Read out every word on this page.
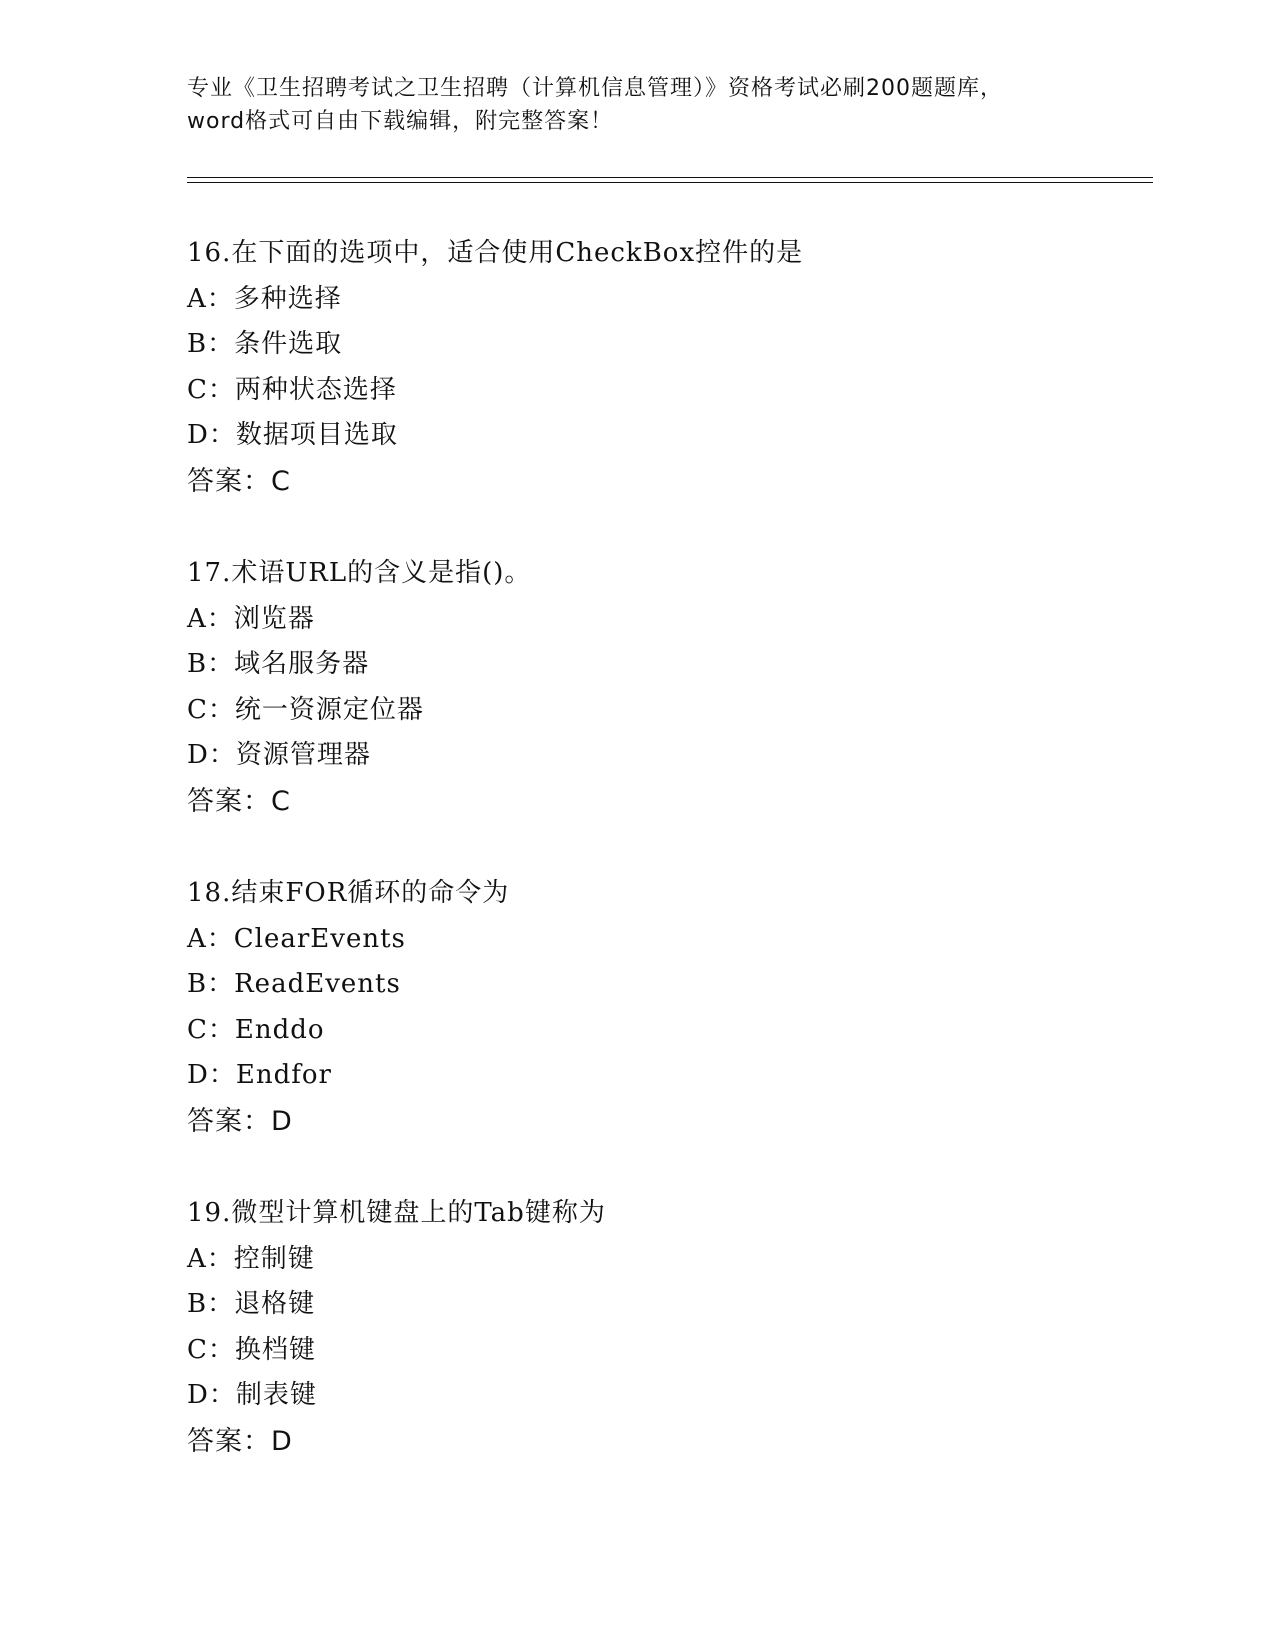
专业《卫生招聘考试之卫生招聘（计算机信息管理）》资格考试必刷200题题库，
word格式可自由下载编辑，附完整答案！
16.在下面的选项中，适合使用CheckBox控件的是
A：多种选择
B：条件选取
C：两种状态选择
D：数据项目选取
答案：C
17.术语URL的含义是指()。
A：浏览器
B：域名服务器
C：统一资源定位器
D：资源管理器
答案：C
18.结束FOR循环的命令为
A：ClearEvents
B：ReadEvents
C：Enddo
D：Endfor
答案：D
19.微型计算机键盘上的Tab键称为
A：控制键
B：退格键
C：换档键
D：制表键
答案：D
